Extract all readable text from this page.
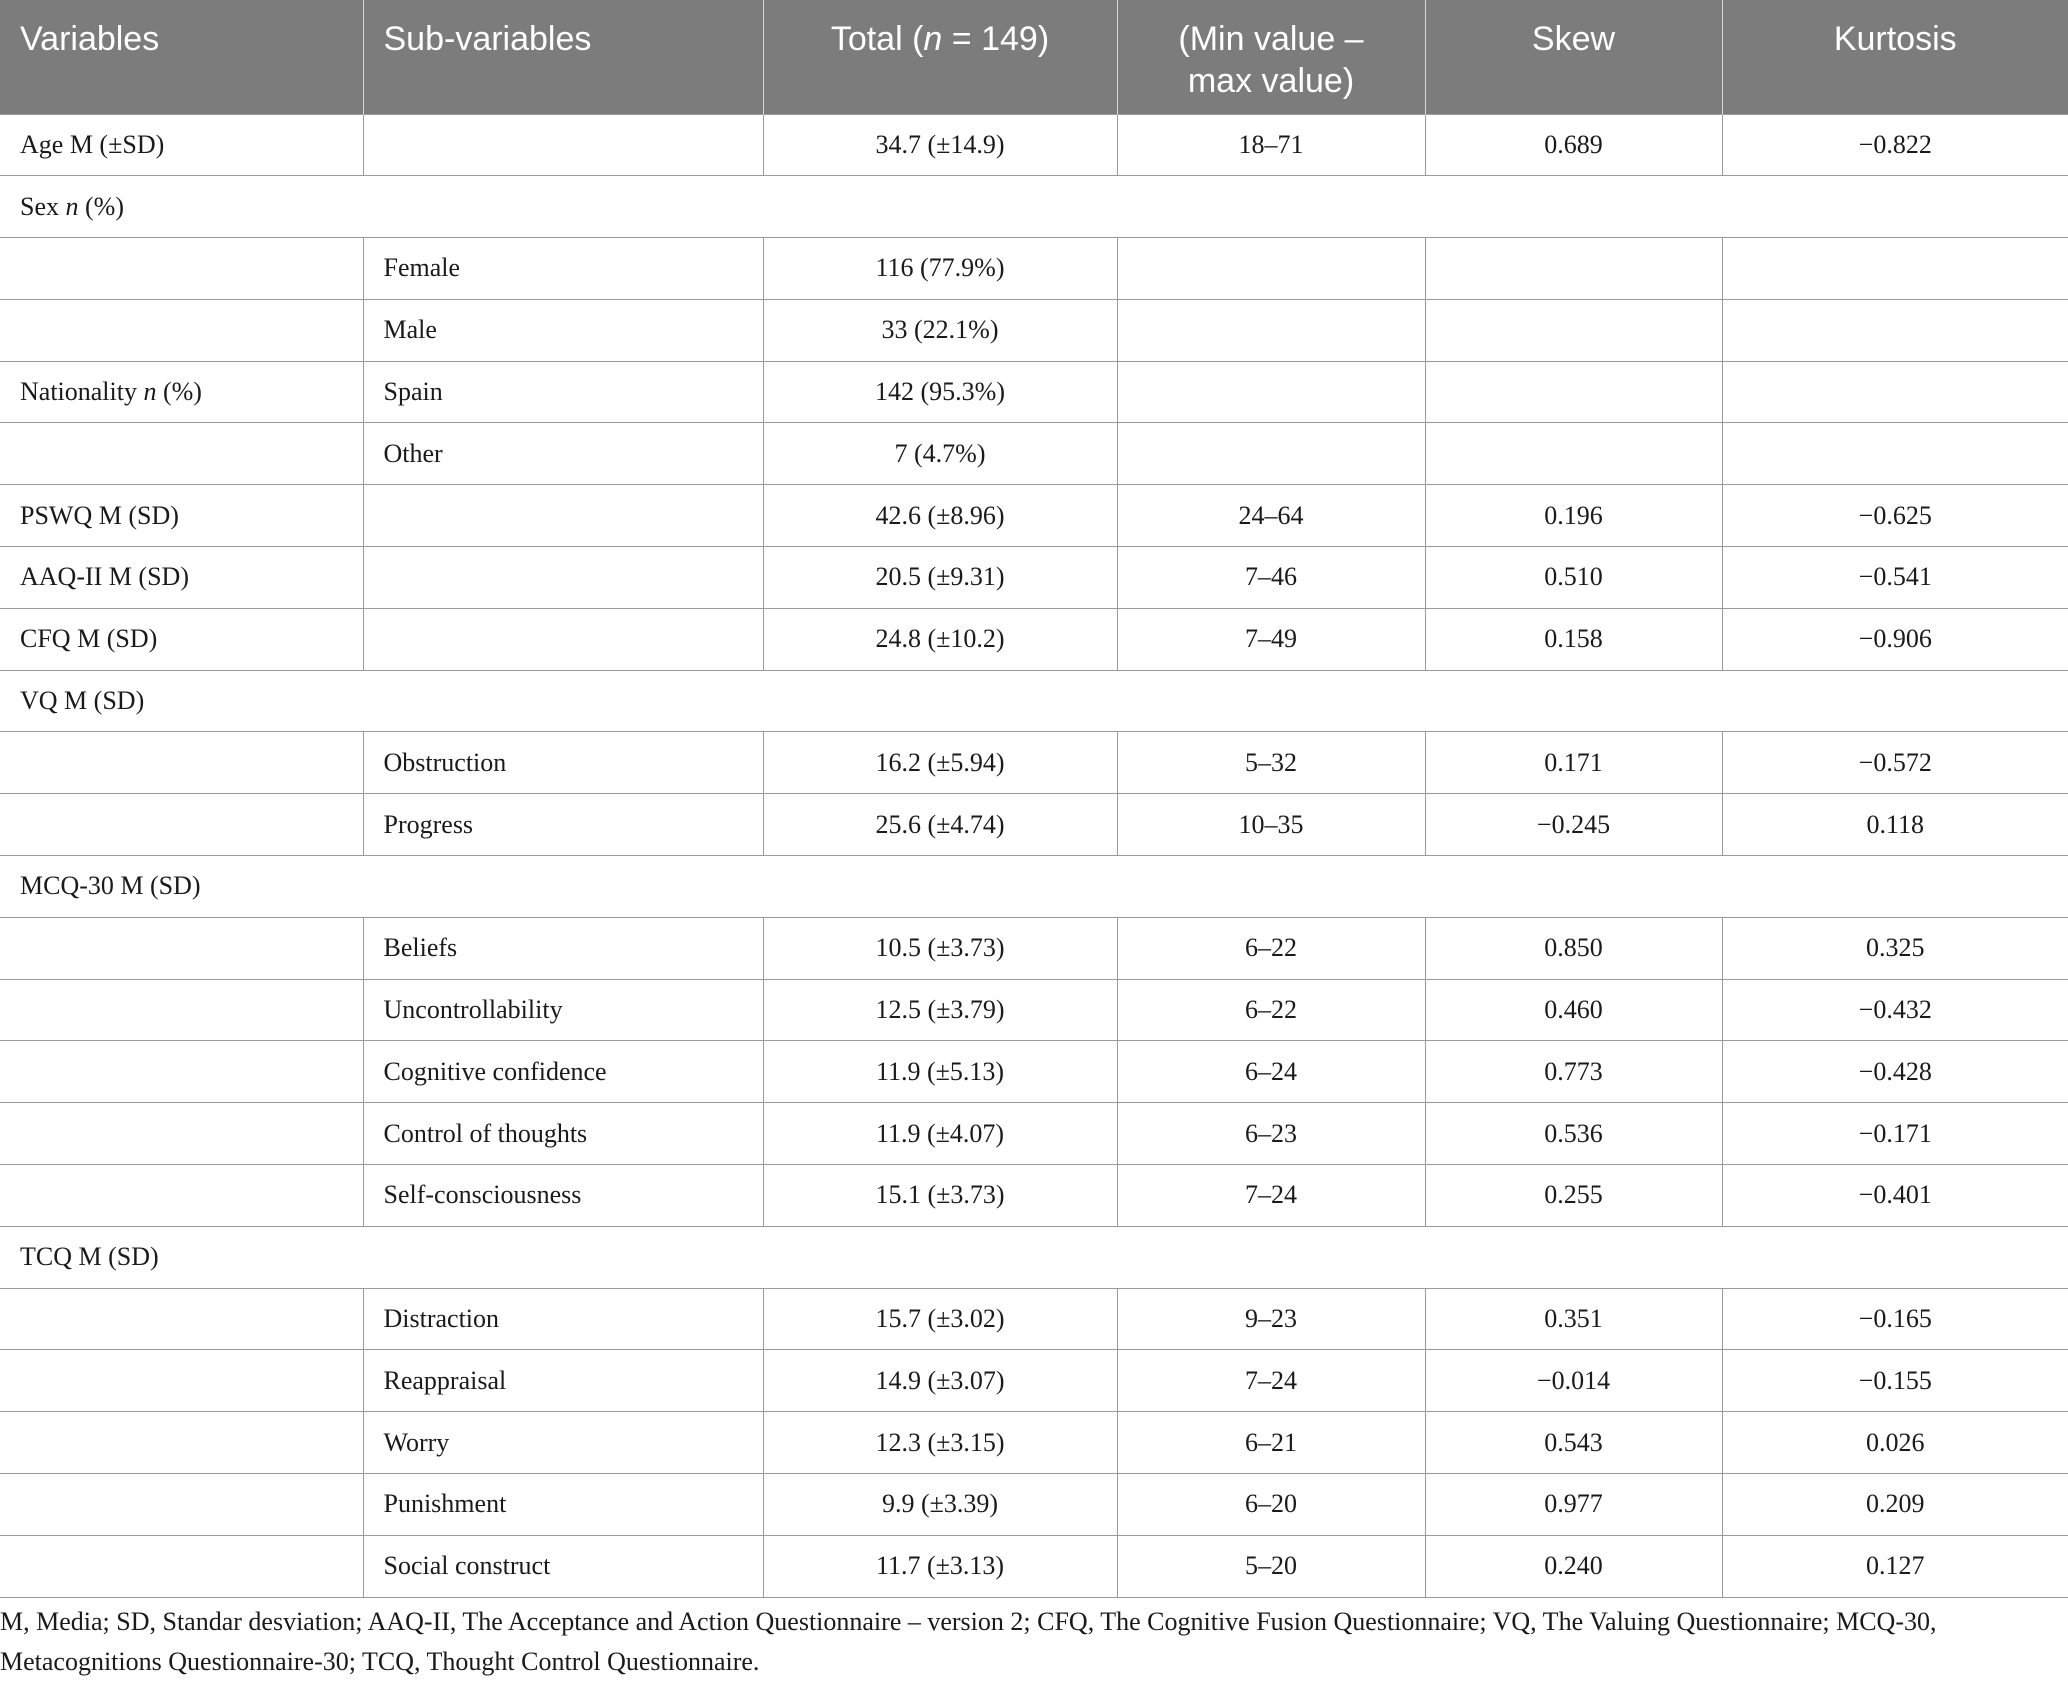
Variables	Sub-variables	Total (n = 149)	(Min value –
max value)	Skew	Kurtosis

Age M (±SD)		34.7 (±14.9)	18–71	0.689	−0.822
Sex n (%)					
	Female	116 (77.9%)			
	Male	33 (22.1%)			
Nationality n (%)	Spain	142 (95.3%)			
	Other	7 (4.7%)			
PSWQ M (SD)		42.6 (±8.96)	24–64	0.196	−0.625
AAQ-II M (SD)		20.5 (±9.31)	7–46	0.510	−0.541
CFQ M (SD)		24.8 (±10.2)	7–49	0.158	−0.906
VQ M (SD)					
	Obstruction	16.2 (±5.94)	5–32	0.171	−0.572
	Progress	25.6 (±4.74)	10–35	−0.245	0.118
MCQ-30 M (SD)					
	Beliefs	10.5 (±3.73)	6–22	0.850	0.325
	Uncontrollability	12.5 (±3.79)	6–22	0.460	−0.432
	Cognitive confidence	11.9 (±5.13)	6–24	0.773	−0.428
	Control of thoughts	11.9 (±4.07)	6–23	0.536	−0.171
	Self-consciousness	15.1 (±3.73)	7–24	0.255	−0.401
TCQ M (SD)					
	Distraction	15.7 (±3.02)	9–23	0.351	−0.165
	Reappraisal	14.9 (±3.07)	7–24	−0.014	−0.155
	Worry	12.3 (±3.15)	6–21	0.543	0.026
	Punishment	9.9 (±3.39)	6–20	0.977	0.209
	Social construct	11.7 (±3.13)	5–20	0.240	0.127
M, Media; SD, Standar desviation; AAQ-II, The Acceptance and Action Questionnaire – version 2; CFQ, The Cognitive Fusion Questionnaire; VQ, The Valuing Questionnaire; MCQ-30, Metacognitions Questionnaire-30; TCQ, Thought Control Questionnaire.
